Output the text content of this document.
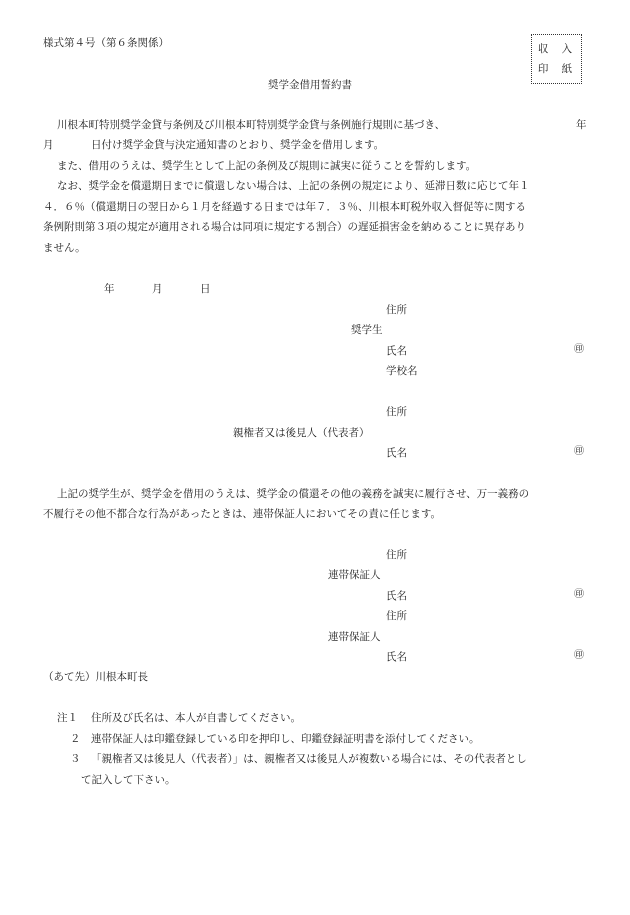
様式第４号（第６条関係）	収 入
印 紙
奨学金借用誓約書
川根本町特別奨学金貸与条例及び川根本町特別奨学金貸与条例施行規則に基づき、	年
月	日付け奨学金貸与決定通知書のとおり、奨学金を借用します。
また、借用のうえは、奨学生として上記の条例及び規則に誠実に従うことを誓約します。
なお、奨学金を償還期日までに償還しない場合は、上記の条例の規定により、延滞日数に応じて年１
４．６％（償還期日の翌日から１月を経過する日までは年７．３％、川根本町税外収入督促等に関する
条例附則第３項の規定が適用される場合は同項に規定する割合）の遅延損害金を納めることに異存あり
ません。
年	月	日
住所
奨学生
氏名	㊞
学校名
住所
親権者又は後見人（代表者）
氏名	㊞
上記の奨学生が、奨学金を借用のうえは、奨学金の償還その他の義務を誠実に履行させ、万一義務の
不履行その他不都合な行為があったときは、連帯保証人においてその責に任じます。
住所
連帯保証人
氏名	㊞
住所
連帯保証人
氏名	㊞
（あて先）川根本町長
注１ 住所及び氏名は、本人が自書してください。
２ 連帯保証人は印鑑登録している印を押印し、印鑑登録証明書を添付してください。
３ 「親権者又は後見人（代表者）」は、親権者又は後見人が複数いる場合には、その代表者とし
て記入して下さい。
